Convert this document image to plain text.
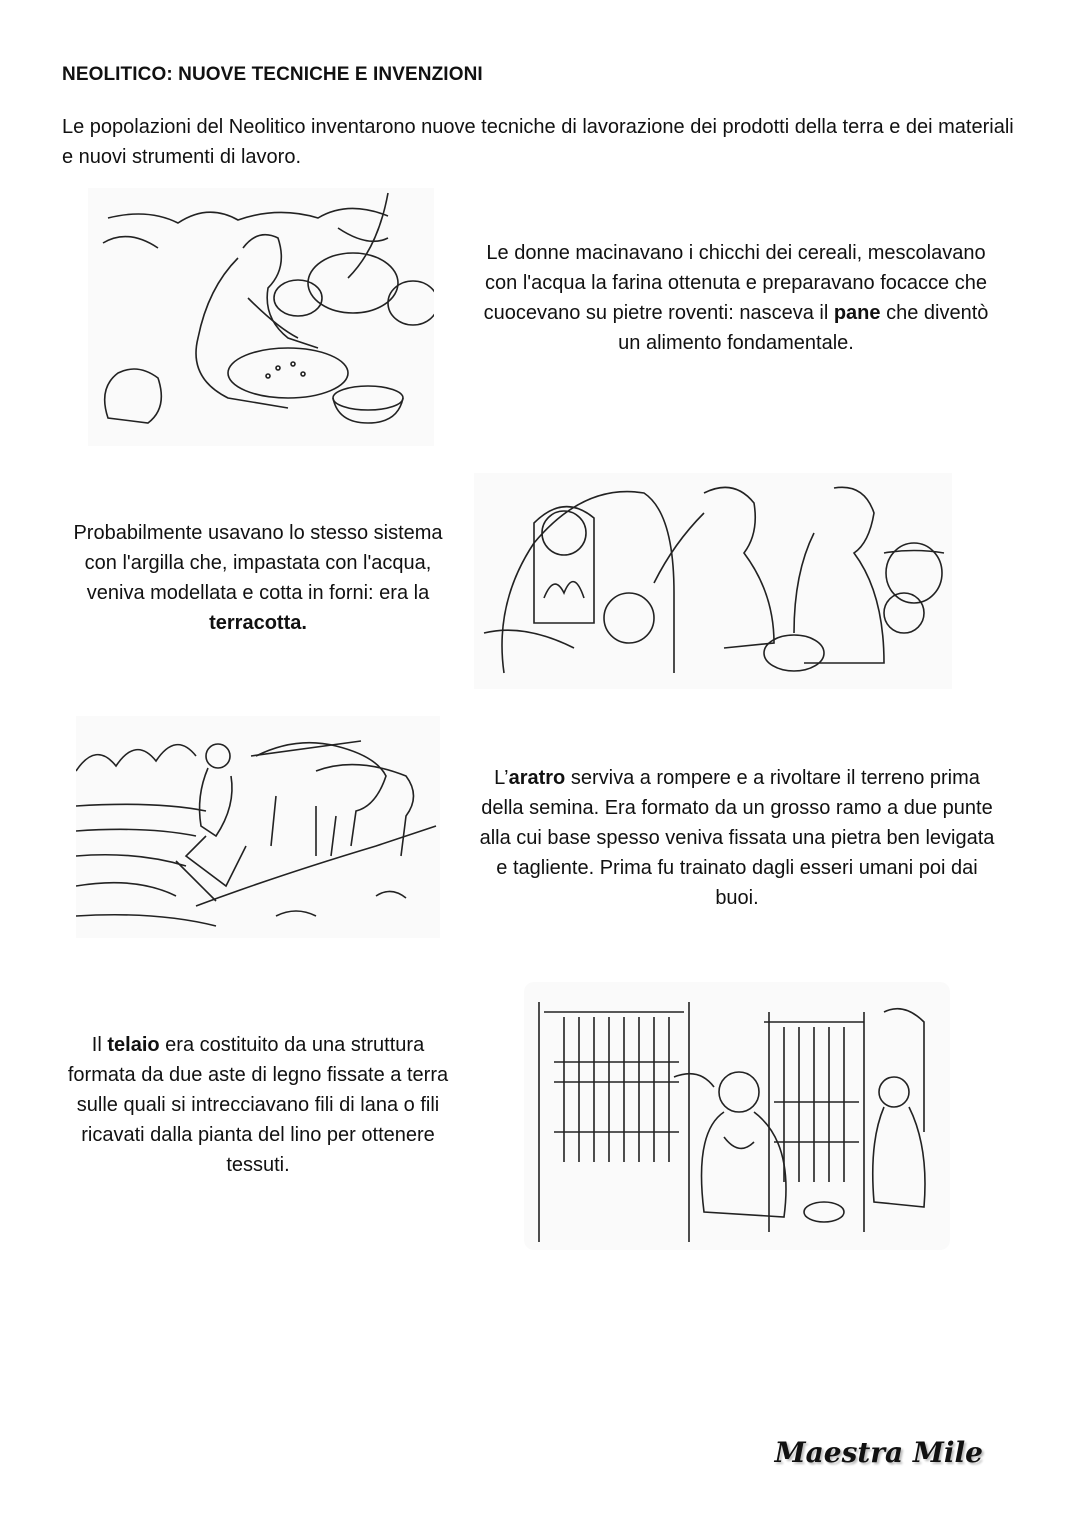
NEOLITICO: NUOVE TECNICHE E INVENZIONI
Le popolazioni del Neolitico inventarono nuove tecniche di lavorazione dei prodotti della terra e dei materiali e nuovi strumenti di lavoro.
Le donne macinavano i chicchi dei cereali, mescolavano con l'acqua la farina ottenuta e preparavano focacce che cuocevano su pietre roventi: nasceva il pane che diventò un alimento fondamentale.
Probabilmente usavano lo stesso sistema con l'argilla che, impastata con l'acqua, veniva modellata e cotta in forni: era la terracotta.
L’aratro serviva a rompere e a rivoltare il terreno prima della semina. Era formato da un grosso ramo a due punte alla cui base spesso veniva fissata una pietra ben levigata e tagliente. Prima fu trainato dagli esseri umani poi dai buoi.
Il telaio era costituito da una struttura formata da due aste di legno fissate a terra sulle quali si intrecciavano fili di lana o fili ricavati dalla pianta del lino per ottenere tessuti.
Maestra Mile
